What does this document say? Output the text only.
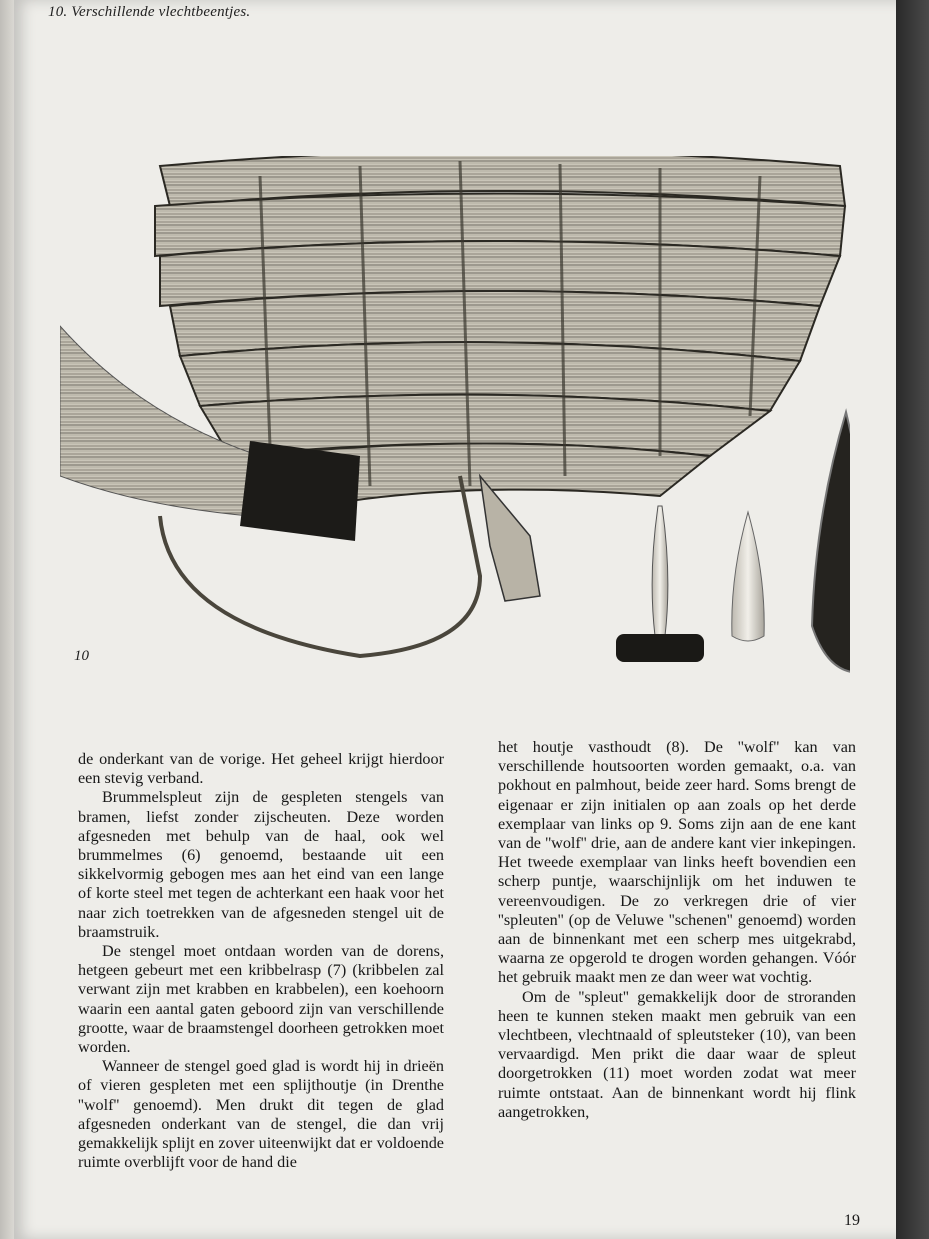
10. Verschillende vlechtbeentjes.
10

de onderkant van de vorige. Het geheel krijgt hierdoor een stevig verband.

Brummelspleut zijn de gespleten stengels van bramen, liefst zonder zijscheuten. Deze worden afgesneden met behulp van de haal, ook wel brummelmes (6) genoemd, bestaande uit een sikkelvormig gebogen mes aan het eind van een lange of korte steel met tegen de achterkant een haak voor het naar zich toetrekken van de afgesneden stengel uit de braamstruik.

De stengel moet ontdaan worden van de dorens, hetgeen gebeurt met een kribbelrasp (7) (kribbelen zal verwant zijn met krabben en krabbelen), een koehoorn waarin een aantal gaten geboord zijn van verschillende grootte, waar de braamstengel doorheen getrokken moet worden.

Wanneer de stengel goed glad is wordt hij in drieën of vieren gespleten met een splijthoutje (in Drenthe ''wolf'' genoemd). Men drukt dit tegen de glad afgesneden onderkant van de stengel, die dan vrij gemakkelijk splijt en zover uiteenwijkt dat er voldoende ruimte overblijft voor de hand die

het houtje vasthoudt (8). De ''wolf'' kan van verschillende houtsoorten worden gemaakt, o.a. van pokhout en palmhout, beide zeer hard. Soms brengt de eigenaar er zijn initialen op aan zoals op het derde exemplaar van links op 9. Soms zijn aan de ene kant van de ''wolf'' drie, aan de andere kant vier inkepingen. Het tweede exemplaar van links heeft bovendien een scherp puntje, waarschijnlijk om het induwen te vereenvoudigen. De zo verkregen drie of vier ''spleuten'' (op de Veluwe ''schenen'' genoemd) worden aan de binnenkant met een scherp mes uitgekrabd, waarna ze opgerold te drogen worden gehangen. Vóór het gebruik maakt men ze dan weer wat vochtig.

Om de ''spleut'' gemakkelijk door de stroranden heen te kunnen steken maakt men gebruik van een vlechtbeen, vlechtnaald of spleutsteker (10), van been vervaardigd. Men prikt die daar waar de spleut doorgetrokken (11) moet worden zodat wat meer ruimte ontstaat. Aan de binnenkant wordt hij flink aangetrokken,

19
